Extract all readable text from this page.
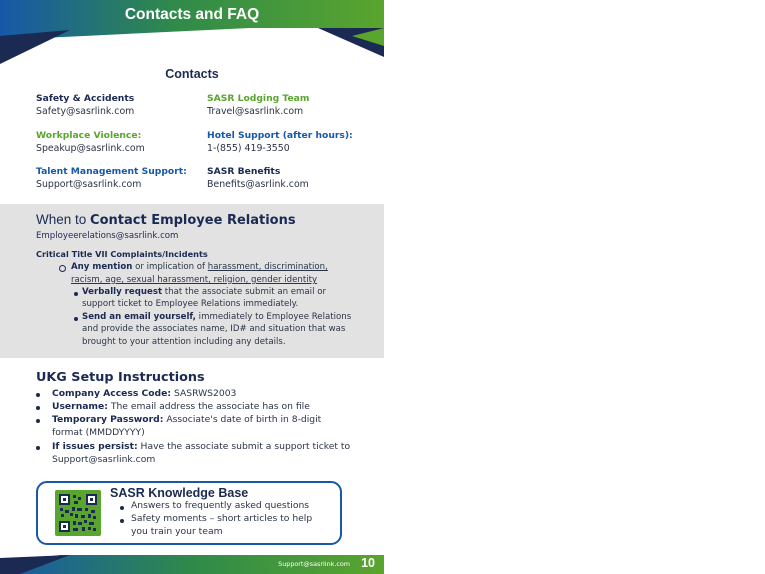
Contacts and FAQ
Contacts
Safety & Accidents
Safety@sasrlink.com
SASR Lodging Team
Travel@sasrlink.com
Workplace Violence:
Speakup@sasrlink.com
Hotel Support (after hours):
1-(855) 419-3550
Talent Management Support:
Support@sasrlink.com
SASR Benefits
Benefits@asrlink.com
When to Contact Employee Relations
Employeerelations@sasrlink.com
Critical Title VII Complaints/Incidents
Any mention or implication of harassment, discrimination,
racism, age, sexual harassment, religion, gender identity
Verbally request that the associate submit an email or
support ticket to Employee Relations immediately.
Send an email yourself, immediately to Employee Relations
and provide the associates name, ID# and situation that was
brought to your attention including any details.
UKG Setup Instructions
Company Access Code: SASRWS2003
Username: The email address the associate has on file
Temporary Password: Associate's date of birth in 8-digit
format (MMDDYYYY)
If issues persist: Have the associate submit a support ticket to
Support@sasrlink.com
SASR Knowledge Base
Answers to frequently asked questions
Safety moments – short articles to help
you train your team
Support@sasrlink.com 10
